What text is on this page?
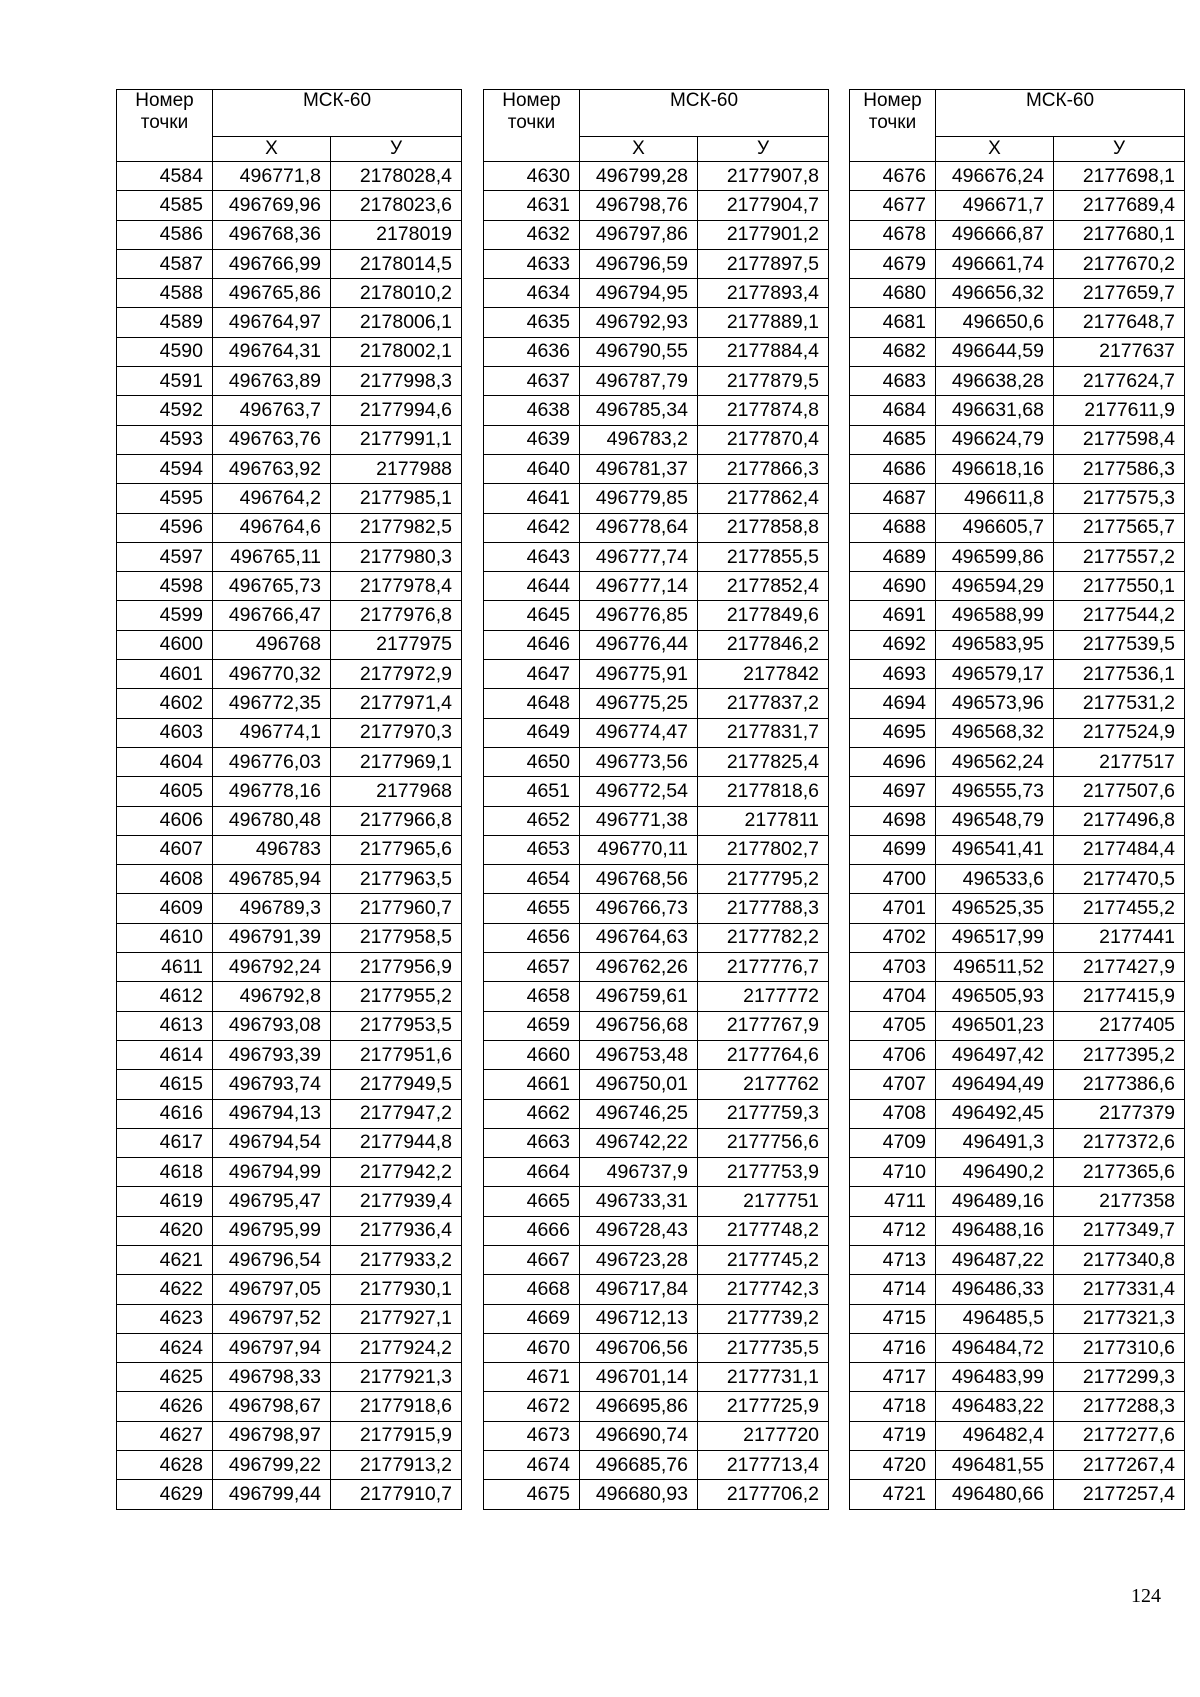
Номер точки	МСК-60	
	Х	У
4584	496771,8	2178028,4
4585	496769,96	2178023,6
4586	496768,36	2178019
4587	496766,99	2178014,5
4588	496765,86	2178010,2
4589	496764,97	2178006,1
4590	496764,31	2178002,1
4591	496763,89	2177998,3
4592	496763,7	2177994,6
4593	496763,76	2177991,1
4594	496763,92	2177988
4595	496764,2	2177985,1
4596	496764,6	2177982,5
4597	496765,11	2177980,3
4598	496765,73	2177978,4
4599	496766,47	2177976,8
4600	496768	2177975
4601	496770,32	2177972,9
4602	496772,35	2177971,4
4603	496774,1	2177970,3
4604	496776,03	2177969,1
4605	496778,16	2177968
4606	496780,48	2177966,8
4607	496783	2177965,6
4608	496785,94	2177963,5
4609	496789,3	2177960,7
4610	496791,39	2177958,5
4611	496792,24	2177956,9
4612	496792,8	2177955,2
4613	496793,08	2177953,5
4614	496793,39	2177951,6
4615	496793,74	2177949,5
4616	496794,13	2177947,2
4617	496794,54	2177944,8
4618	496794,99	2177942,2
4619	496795,47	2177939,4
4620	496795,99	2177936,4
4621	496796,54	2177933,2
4622	496797,05	2177930,1
4623	496797,52	2177927,1
4624	496797,94	2177924,2
4625	496798,33	2177921,3
4626	496798,67	2177918,6
4627	496798,97	2177915,9
4628	496799,22	2177913,2
4629	496799,44	2177910,7
Номер точки	МСК-60	
	Х	У
4630	496799,28	2177907,8
4631	496798,76	2177904,7
4632	496797,86	2177901,2
4633	496796,59	2177897,5
4634	496794,95	2177893,4
4635	496792,93	2177889,1
4636	496790,55	2177884,4
4637	496787,79	2177879,5
4638	496785,34	2177874,8
4639	496783,2	2177870,4
4640	496781,37	2177866,3
4641	496779,85	2177862,4
4642	496778,64	2177858,8
4643	496777,74	2177855,5
4644	496777,14	2177852,4
4645	496776,85	2177849,6
4646	496776,44	2177846,2
4647	496775,91	2177842
4648	496775,25	2177837,2
4649	496774,47	2177831,7
4650	496773,56	2177825,4
4651	496772,54	2177818,6
4652	496771,38	2177811
4653	496770,11	2177802,7
4654	496768,56	2177795,2
4655	496766,73	2177788,3
4656	496764,63	2177782,2
4657	496762,26	2177776,7
4658	496759,61	2177772
4659	496756,68	2177767,9
4660	496753,48	2177764,6
4661	496750,01	2177762
4662	496746,25	2177759,3
4663	496742,22	2177756,6
4664	496737,9	2177753,9
4665	496733,31	2177751
4666	496728,43	2177748,2
4667	496723,28	2177745,2
4668	496717,84	2177742,3
4669	496712,13	2177739,2
4670	496706,56	2177735,5
4671	496701,14	2177731,1
4672	496695,86	2177725,9
4673	496690,74	2177720
4674	496685,76	2177713,4
4675	496680,93	2177706,2
Номер точки	МСК-60	
	Х	У
4676	496676,24	2177698,1
4677	496671,7	2177689,4
4678	496666,87	2177680,1
4679	496661,74	2177670,2
4680	496656,32	2177659,7
4681	496650,6	2177648,7
4682	496644,59	2177637
4683	496638,28	2177624,7
4684	496631,68	2177611,9
4685	496624,79	2177598,4
4686	496618,16	2177586,3
4687	496611,8	2177575,3
4688	496605,7	2177565,7
4689	496599,86	2177557,2
4690	496594,29	2177550,1
4691	496588,99	2177544,2
4692	496583,95	2177539,5
4693	496579,17	2177536,1
4694	496573,96	2177531,2
4695	496568,32	2177524,9
4696	496562,24	2177517
4697	496555,73	2177507,6
4698	496548,79	2177496,8
4699	496541,41	2177484,4
4700	496533,6	2177470,5
4701	496525,35	2177455,2
4702	496517,99	2177441
4703	496511,52	2177427,9
4704	496505,93	2177415,9
4705	496501,23	2177405
4706	496497,42	2177395,2
4707	496494,49	2177386,6
4708	496492,45	2177379
4709	496491,3	2177372,6
4710	496490,2	2177365,6
4711	496489,16	2177358
4712	496488,16	2177349,7
4713	496487,22	2177340,8
4714	496486,33	2177331,4
4715	496485,5	2177321,3
4716	496484,72	2177310,6
4717	496483,99	2177299,3
4718	496483,22	2177288,3
4719	496482,4	2177277,6
4720	496481,55	2177267,4
4721	496480,66	2177257,4
124
